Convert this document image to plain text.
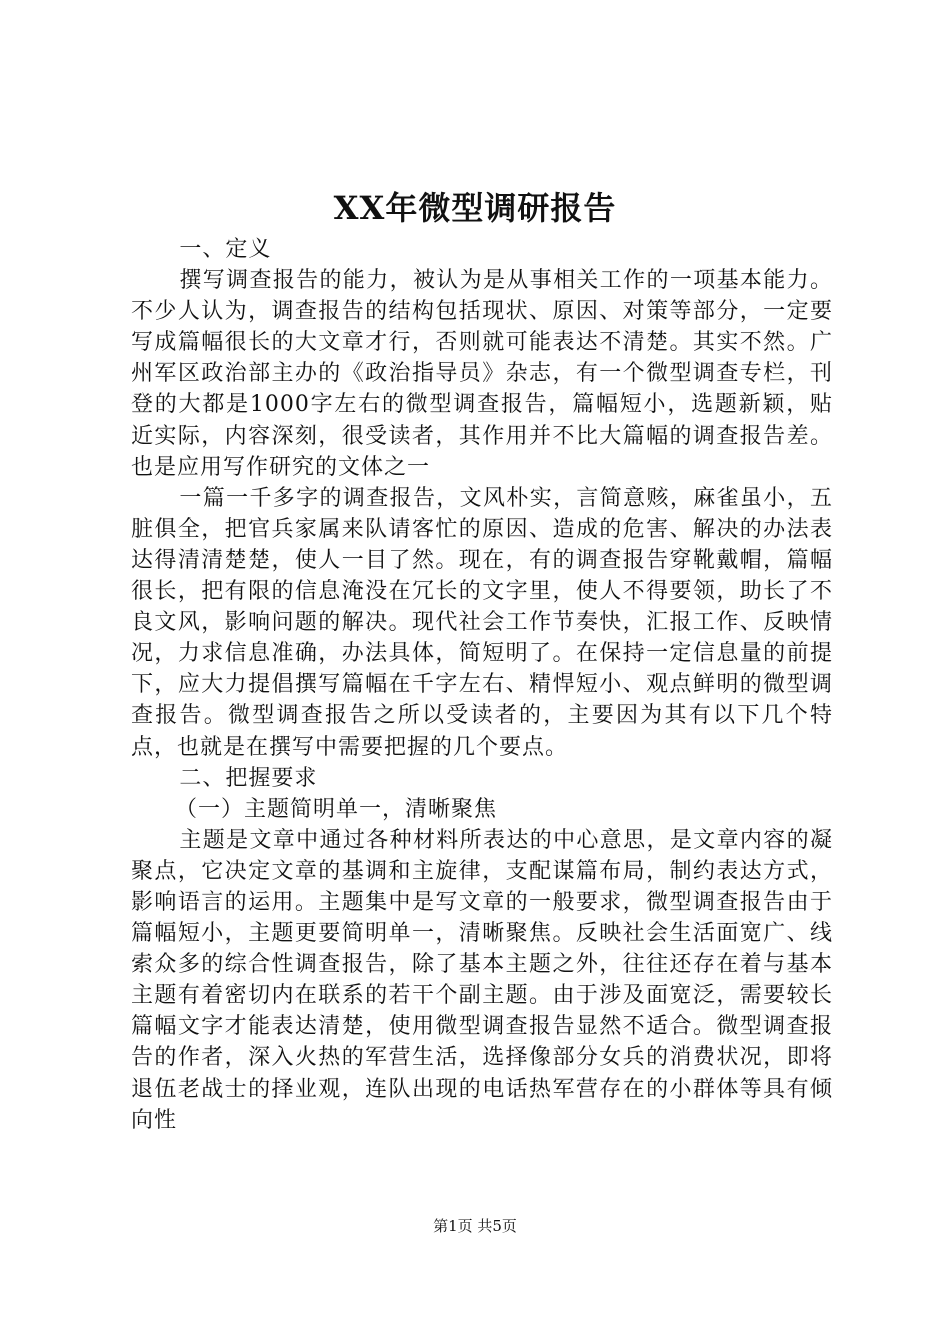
XX年微型调研报告

一、定义

撰写调查报告的能力，被认为是从事相关工作的一项基本能力。不少人认为，调查报告的结构包括现状、原因、对策等部分，一定要写成篇幅很长的大文章才行，否则就可能表达不清楚。其实不然。广州军区政治部主办的《政治指导员》杂志，有一个微型调查专栏，刊登的大都是1000字左右的微型调查报告，篇幅短小，选题新颖，贴近实际，内容深刻，很受读者，其作用并不比大篇幅的调查报告差。也是应用写作研究的文体之一

一篇一千多字的调查报告，文风朴实，言简意赅，麻雀虽小，五脏俱全，把官兵家属来队请客忙的原因、造成的危害、解决的办法表达得清清楚楚，使人一目了然。现在，有的调查报告穿靴戴帽，篇幅很长，把有限的信息淹没在冗长的文字里，使人不得要领，助长了不良文风，影响问题的解决。现代社会工作节奏快，汇报工作、反映情况，力求信息准确，办法具体，简短明了。在保持一定信息量的前提下，应大力提倡撰写篇幅在千字左右、精悍短小、观点鲜明的微型调查报告。微型调查报告之所以受读者的，主要因为其有以下几个特点，也就是在撰写中需要把握的几个要点。

二、把握要求

（一）主题简明单一，清晰聚焦

主题是文章中通过各种材料所表达的中心意思，是文章内容的凝聚点，它决定文章的基调和主旋律，支配谋篇布局，制约表达方式，影响语言的运用。主题集中是写文章的一般要求，微型调查报告由于篇幅短小，主题更要简明单一，清晰聚焦。反映社会生活面宽广、线索众多的综合性调查报告，除了基本主题之外，往往还存在着与基本主题有着密切内在联系的若干个副主题。由于涉及面宽泛，需要较长篇幅文字才能表达清楚，使用微型调查报告显然不适合。微型调查报告的作者，深入火热的军营生活，选择像部分女兵的消费状况，即将退伍老战士的择业观，连队出现的电话热军营存在的小群体等具有倾向性

第1页 共5页
